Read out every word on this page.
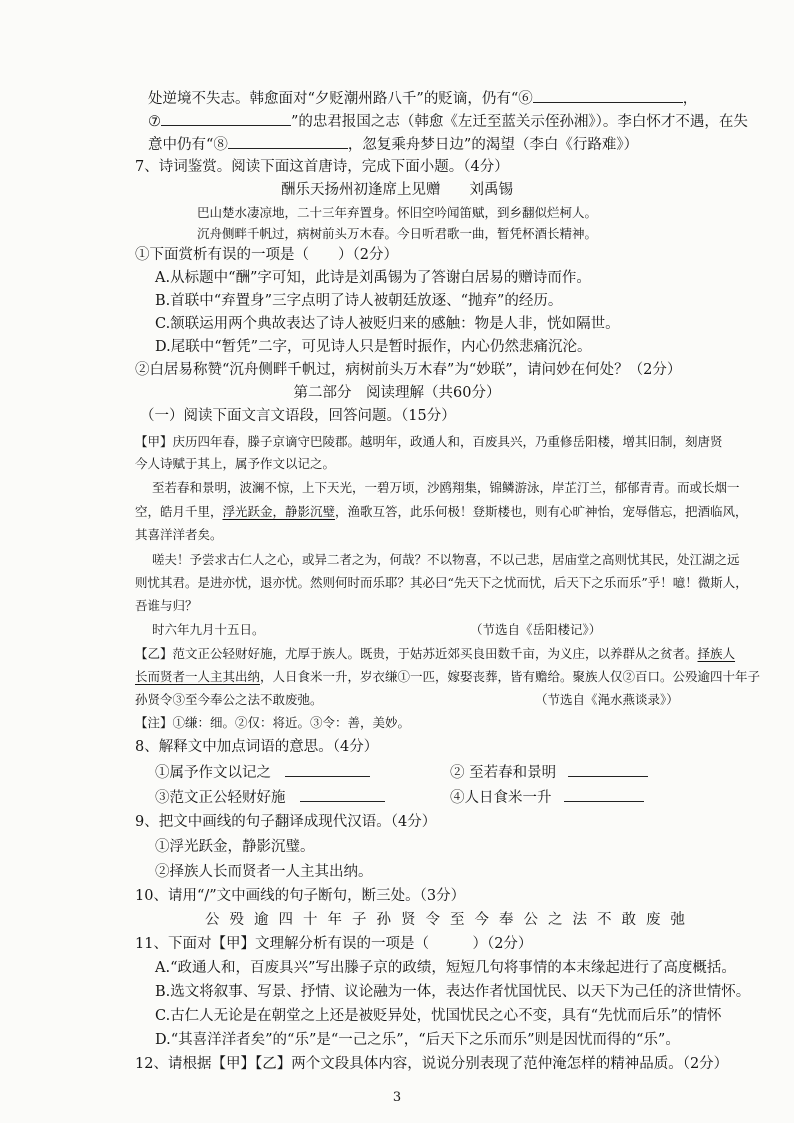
处逆境不失志。韩愈面对“夕贬潮州路八千”的贬谪，仍有“⑥	，
⑦	”的忠君报国之志（韩愈《左迁至蓝关示侄孙湘》）。李白怀才不遇，在失
意中仍有“⑧	，忽复乘舟梦日边”的渴望（李白《行路难》）
7、诗词鉴赏。阅读下面这首唐诗，完成下面小题。（4分）
酬乐天扬州初逢席上见赠　　刘禹锡
巴山楚水凄凉地，二十三年弃置身。怀旧空吟闻笛赋，到乡翻似烂柯人。
沉舟侧畔千帆过，病树前头万木春。今日听君歌一曲，暂凭杯酒长精神。
①下面赏析有误的一项是（　　）（2分）
A.从标题中“酬”字可知，此诗是刘禹锡为了答谢白居易的赠诗而作。
B.首联中“弃置身”三字点明了诗人被朝廷放逐、“抛弃”的经历。
C.颔联运用两个典故表达了诗人被贬归来的感触：物是人非，恍如隔世。
D.尾联中“暂凭”二字，可见诗人只是暂时振作，内心仍然悲痛沉沦。
②白居易称赞“沉舟侧畔千帆过，病树前头万木春”为“妙联”，请问妙在何处？（2分）
第二部分　阅读理解（共60分）
（一）阅读下面文言文语段，回答问题。（15分）
【甲】庆历四年春，滕子京谪守巴陵郡。越明年，政通人和，百废具兴，乃重修岳阳楼，增其旧制，刻唐贤
今人诗赋于其上，属予作文以记之。
至若春和景明，波澜不惊，上下天光，一碧万顷，沙鸥翔集，锦鳞游泳，岸芷汀兰，郁郁青青。而或长烟一
空，皓月千里，浮光跃金，静影沉璧，渔歌互答，此乐何极！登斯楼也，则有心旷神怡，宠辱偕忘，把酒临风，
其喜洋洋者矣。
嗟夫！予尝求古仁人之心，或异二者之为，何哉？不以物喜，不以己悲，居庙堂之高则忧其民，处江湖之远
则忧其君。是进亦忧，退亦忧。然则何时而乐耶？其必曰“先天下之忧而忧，后天下之乐而乐”乎！噫！微斯人，
吾谁与归？
时六年九月十五日。	（节选自《岳阳楼记》）
【乙】范文正公轻财好施，尤厚于族人。既贵，于姑苏近郊买良田数千亩，为义庄，以养群从之贫者。择族人
长而贤者一人主其出纳，人日食米一升，岁衣缣①一匹，嫁娶丧葬，皆有赡给。聚族人仅②百口。公殁逾四十年子
孙贤令③至今奉公之法不敢废弛。	（节选自《渑水燕谈录》）
【注】①缣：细。②仅：将近。③令：善，美妙。
8、解释文中加点词语的意思。（4分）
①属予作文以记之	② 至若春和景明
③范文正公轻财好施	④人日食米一升
9、把文中画线的句子翻译成现代汉语。（4分）
①浮光跃金，静影沉璧。
②择族人长而贤者一人主其出纳。
10、请用“/”文中画线的句子断句，断三处。（3分）
公殁逾四十年子孙贤令至今奉公之法不敢废弛
11、下面对【甲】文理解分析有误的一项是（　　　）（2分）
A.“政通人和，百废具兴”写出滕子京的政绩，短短几句将事情的本末缘起进行了高度概括。
B.选文将叙事、写景、抒情、议论融为一体，表达作者忧国忧民、以天下为己任的济世情怀。
C.古仁人无论是在朝堂之上还是被贬异处，忧国忧民之心不变，具有“先忧而后乐”的情怀
D.“其喜洋洋者矣”的“乐”是“一己之乐”，“后天下之乐而乐”则是因忧而得的“乐”。
12、请根据【甲】【乙】两个文段具体内容，说说分别表现了范仲淹怎样的精神品质。（2分）
3
